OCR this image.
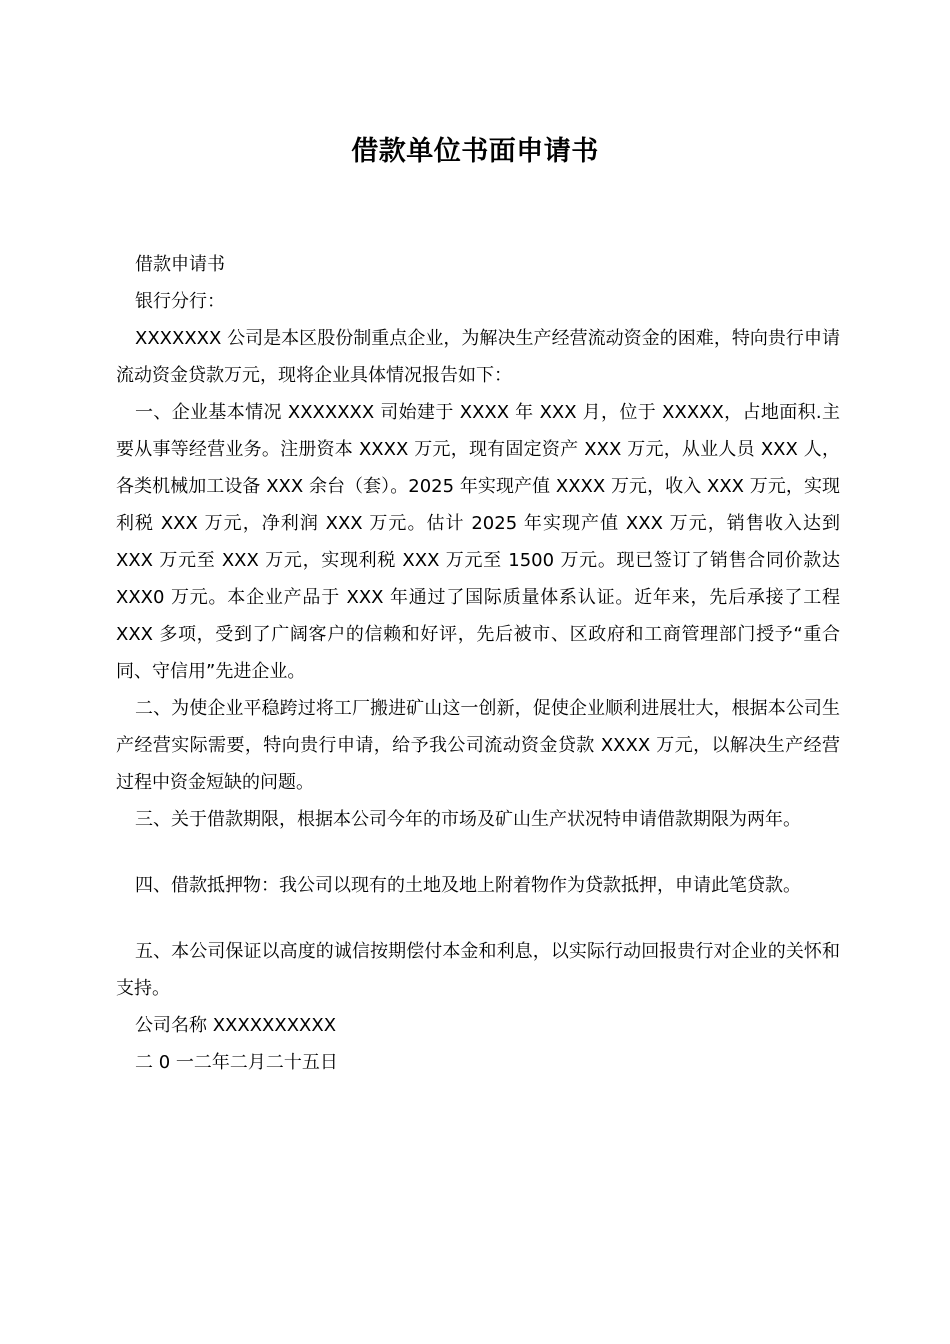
借款单位书面申请书

借款申请书

银行分行：

XXXXXXX 公司是本区股份制重点企业，为解决生产经营流动资金的困难，特向贵行申请流动资金贷款万元，现将企业具体情况报告如下：

一、企业基本情况 XXXXXXX 司始建于 XXXX 年 XXX 月，位于 XXXXX，占地面积.主要从事等经营业务。注册资本 XXXX 万元，现有固定资产 XXX 万元，从业人员 XXX 人，各类机械加工设备 XXX 余台（套）。2025 年实现产值 XXXX 万元，收入 XXX 万元，实现利税 XXX 万元，净利润 XXX 万元。估计 2025 年实现产值 XXX 万元，销售收入达到 XXX 万元至 XXX 万元，实现利税 XXX 万元至 1500 万元。现已签订了销售合同价款达 XXX0 万元。本企业产品于 XXX 年通过了国际质量体系认证。近年来，先后承接了工程 XXX 多项，受到了广阔客户的信赖和好评，先后被市、区政府和工商管理部门授予“重合同、守信用”先进企业。

二、为使企业平稳跨过将工厂搬进矿山这一创新，促使企业顺利进展壮大，根据本公司生产经营实际需要，特向贵行申请，给予我公司流动资金贷款 XXXX 万元，以解决生产经营过程中资金短缺的问题。

三、关于借款期限，根据本公司今年的市场及矿山生产状况特申请借款期限为两年。

四、借款抵押物：我公司以现有的土地及地上附着物作为贷款抵押，申请此笔贷款。

五、本公司保证以高度的诚信按期偿付本金和利息，以实际行动回报贵行对企业的关怀和支持。

公司名称 XXXXXXXXXX

二 0 一二年二月二十五日
